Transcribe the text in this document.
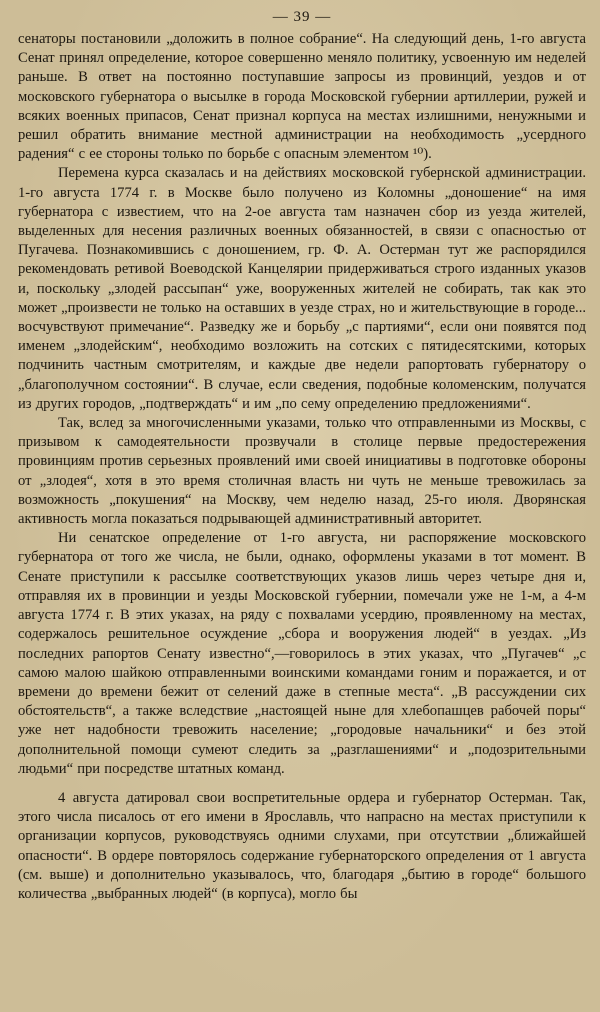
— 39 —

сенаторы постановили „доложить в полное собрание“. На следующий день, 1-го августа Сенат принял определение, которое совершенно меняло политику, усвоенную им неделей раньше. В ответ на постоянно поступавшие запросы из провинций, уездов и от московского губернатора о высылке в города Московской губернии артиллерии, ружей и всяких военных припасов, Сенат признал корпуса на местах излишними, ненужными и решил обратить внимание местной администрации на необходимость „усердного радения“ с ее стороны только по борьбе с опасным элементом ¹⁰).

Перемена курса сказалась и на действиях московской губернской администрации. 1-го августа 1774 г. в Москве было получено из Коломны „доношение“ на имя губернатора с известием, что на 2-ое августа там назначен сбор из уезда жителей, выделенных для несения различных военных обязанностей, в связи с опасностью от Пугачева. Познакомившись с доношением, гр. Ф. А. Остерман тут же распорядился рекомендовать ретивой Воеводской Канцелярии придерживаться строго изданных указов и, поскольку „злодей рассыпан“ уже, вооруженных жителей не собирать, так как это может „произвести не только на оставших в уезде страх, но и жительствующие в городе... восчувствуют примечание“. Разведку же и борьбу „с партиями“, если они появятся под именем „злодейским“, необходимо возложить на сотских с пятидесятскими, которых подчинить частным смотрителям, и каждые две недели рапортовать губернатору о „благополучном состоянии“. В случае, если сведения, подобные коломенским, получатся из других городов, „подтверждать“ и им „по сему определению предложениями“.

Так, вслед за многочисленными указами, только что отправленными из Москвы, с призывом к самодеятельности прозвучали в столице первые предостережения провинциям против серьезных проявлений ими своей инициативы в подготовке обороны от „злодея“, хотя в это время столичная власть ни чуть не меньше тревожилась за возможность „покушения“ на Москву, чем неделю назад, 25-го июля. Дворянская активность могла показаться подрывающей административный авторитет.

Ни сенатское определение от 1-го августа, ни распоряжение московского губернатора от того же числа, не были, однако, оформлены указами в тот момент. В Сенате приступили к рассылке соответствующих указов лишь через четыре дня и, отправляя их в провинции и уезды Московской губернии, помечали уже не 1-м, а 4-м августа 1774 г. В этих указах, на ряду с похвалами усердию, проявленному на местах, содержалось решительное осуждение „сбора и вооружения людей“ в уездах. „Из последних рапортов Сенату известно“,—говорилось в этих указах, что „Пугачев“ „с самою малою шайкою отправленными воинскими командами гоним и поражается, и от времени до времени бежит от селений даже в степные места“. „В рассуждении сих обстоятельств“, а также вследствие „настоящей ныне для хлебопашцев рабочей поры“ уже нет надобности тревожить население; „городовые начальники“ и без этой дополнительной помощи сумеют следить за „разглашениями“ и „подозрительными людьми“ при посредстве штатных команд.

4 августа датировал свои воспретительные ордера и губернатор Остерман. Так, этого числа писалось от его имени в Ярославль, что напрасно на местах приступили к организации корпусов, руководствуясь одними слухами, при отсутствии „ближайшей опасности“. В ордере повторялось содержание губернаторского определения от 1 августа (см. выше) и дополнительно указывалось, что, благодаря „бытию в городе“ большого количества „выбранных людей“ (в корпуса), могло бы
